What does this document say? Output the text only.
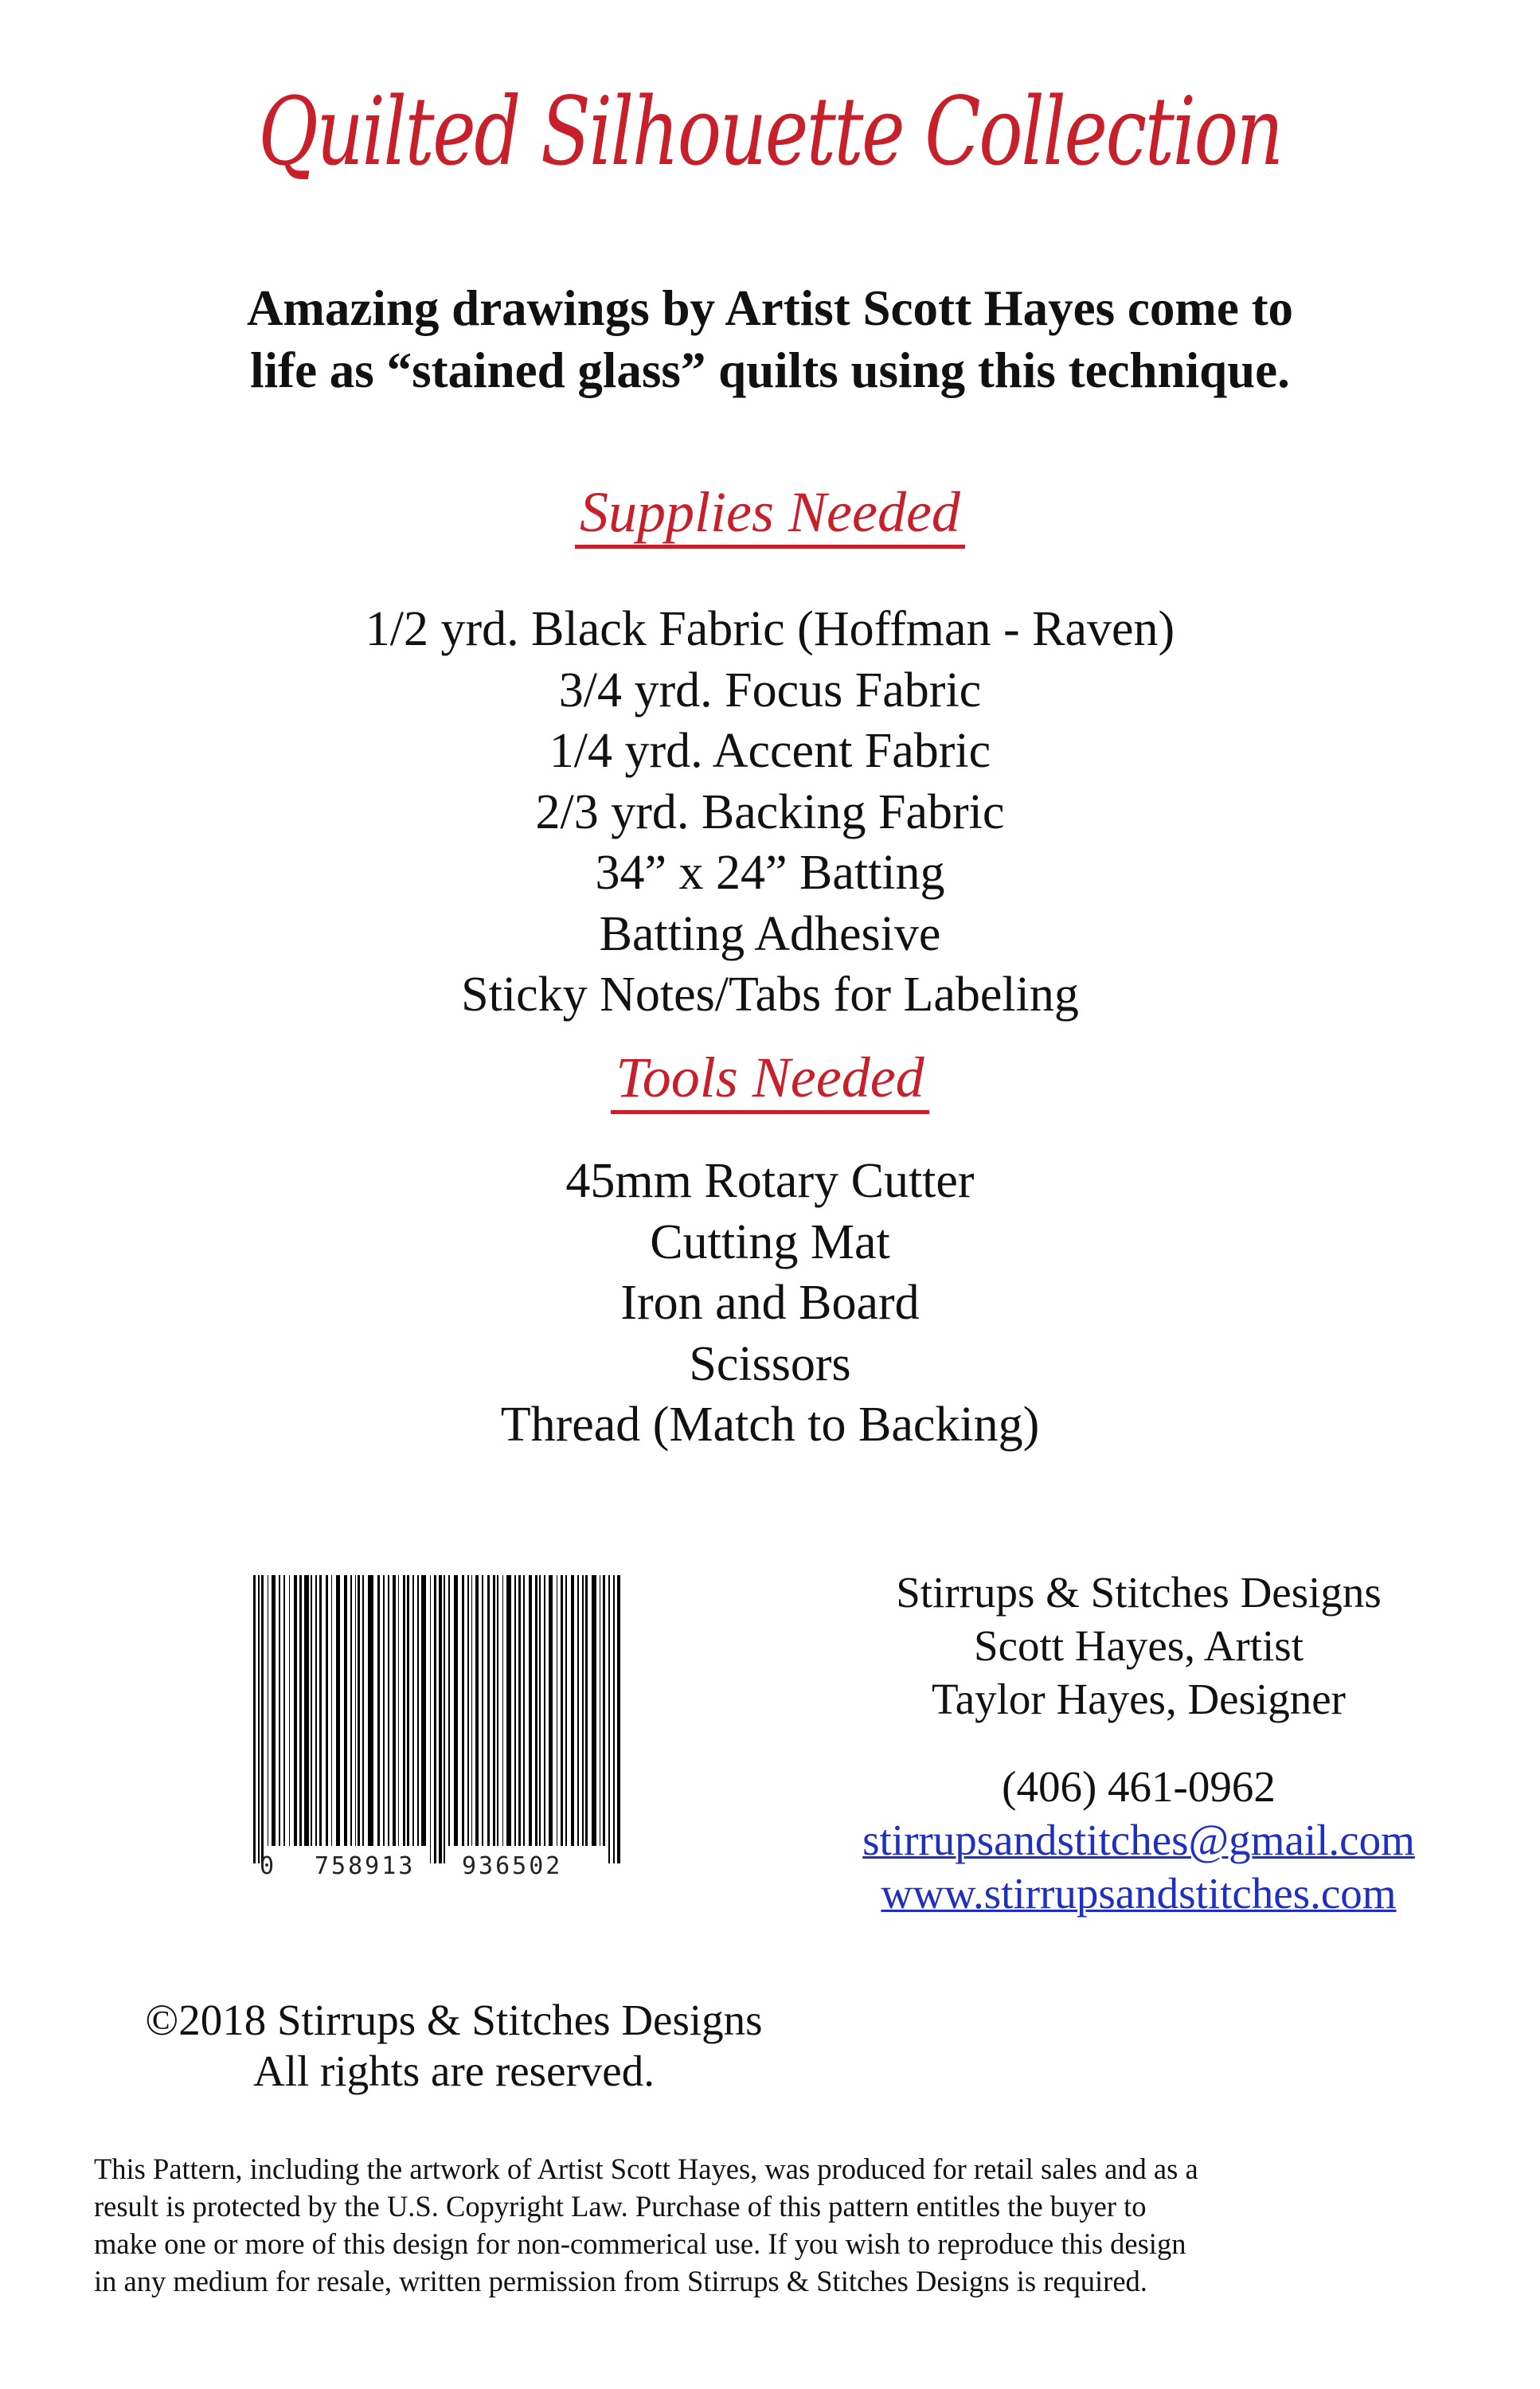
Quilted Silhouette Collection
Amazing drawings by Artist Scott Hayes come to
life as “stained glass” quilts using this technique.
Supplies Needed
1/2 yrd. Black Fabric (Hoffman - Raven)
3/4 yrd. Focus Fabric
1/4 yrd. Accent Fabric
2/3 yrd. Backing Fabric
34” x 24” Batting
Batting Adhesive
Sticky Notes/Tabs for Labeling
Tools Needed
45mm Rotary Cutter
Cutting Mat
Iron and Board
Scissors
Thread (Match to Backing)
0 758913 936502
Stirrups & Stitches Designs
Scott Hayes, Artist
Taylor Hayes, Designer
(406) 461-0962
stirrupsandstitches@gmail.com
www.stirrupsandstitches.com
©2018 Stirrups & Stitches Designs
All rights are reserved.
This Pattern, including the artwork of Artist Scott Hayes, was produced for retail sales and as a
result is protected by the U.S. Copyright Law. Purchase of this pattern entitles the buyer to
make one or more of this design for non-commerical use. If you wish to reproduce this design
in any medium for resale, written permission from Stirrups & Stitches Designs is required.
